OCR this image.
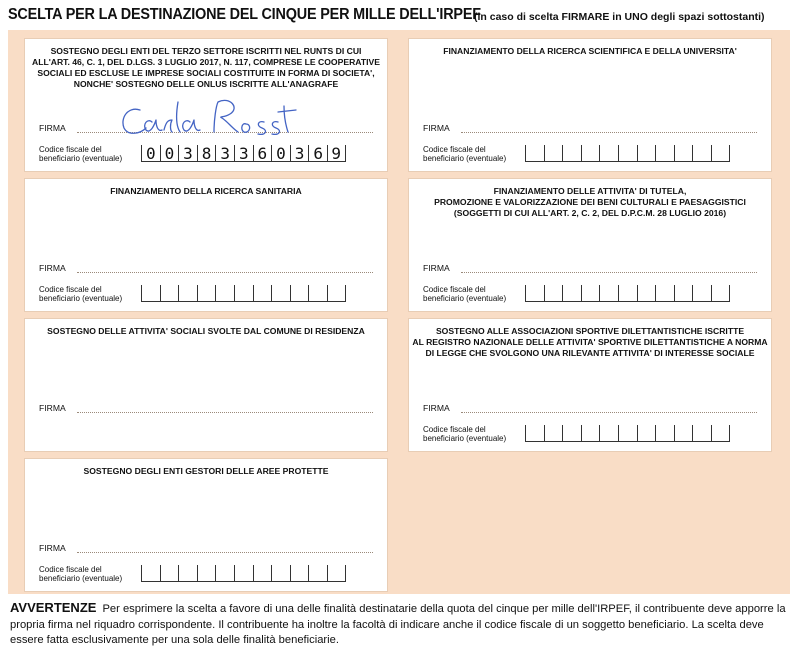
SCELTA PER LA DESTINAZIONE DEL CINQUE PER MILLE DELL'IRPEF
(in caso di scelta FIRMARE in UNO degli spazi sottostanti)
SOSTEGNO DEGLI ENTI DEL TERZO SETTORE ISCRITTI NEL RUNTS DI CUI
ALL'ART. 46, C. 1, DEL D.LGS. 3 LUGLIO 2017, N. 117, COMPRESE LE COOPERATIVE
SOCIALI ED ESCLUSE LE IMPRESE SOCIALI COSTITUITE IN FORMA DI SOCIETA',
NONCHE' SOSTEGNO DELLE ONLUS ISCRITTE ALL'ANAGRAFE
FIRMA
Codice fiscale del
beneficiario (eventuale)	0 0 3 8 3 3 6 0 3 6 9
FINANZIAMENTO DELLA RICERCA SCIENTIFICA E DELLA UNIVERSITA'
FIRMA
Codice fiscale del
beneficiario (eventuale)
FINANZIAMENTO DELLA RICERCA SANITARIA
FIRMA
Codice fiscale del
beneficiario (eventuale)
FINANZIAMENTO DELLE ATTIVITA' DI TUTELA,
PROMOZIONE E VALORIZZAZIONE DEI BENI CULTURALI E PAESAGGISTICI
(SOGGETTI DI CUI ALL'ART. 2, C. 2, DEL D.P.C.M. 28 LUGLIO 2016)
FIRMA
Codice fiscale del
beneficiario (eventuale)
SOSTEGNO DELLE ATTIVITA' SOCIALI SVOLTE DAL COMUNE DI RESIDENZA
FIRMA
SOSTEGNO ALLE ASSOCIAZIONI SPORTIVE DILETTANTISTICHE ISCRITTE
AL REGISTRO NAZIONALE DELLE ATTIVITA' SPORTIVE DILETTANTISTICHE A NORMA
DI LEGGE CHE SVOLGONO UNA RILEVANTE ATTIVITA' DI INTERESSE SOCIALE
FIRMA
Codice fiscale del
beneficiario (eventuale)
SOSTEGNO DEGLI ENTI GESTORI DELLE AREE PROTETTE
FIRMA
Codice fiscale del
beneficiario (eventuale)
AVVERTENZE Per esprimere la scelta a favore di una delle finalità destinatarie della quota del cinque per mille dell'IRPEF, il contribuente deve apporre la propria firma nel riquadro corrispondente. Il contribuente ha inoltre la facoltà di indicare anche il codice fiscale di un soggetto beneficiario. La scelta deve essere fatta esclusivamente per una sola delle finalità beneficiarie.
